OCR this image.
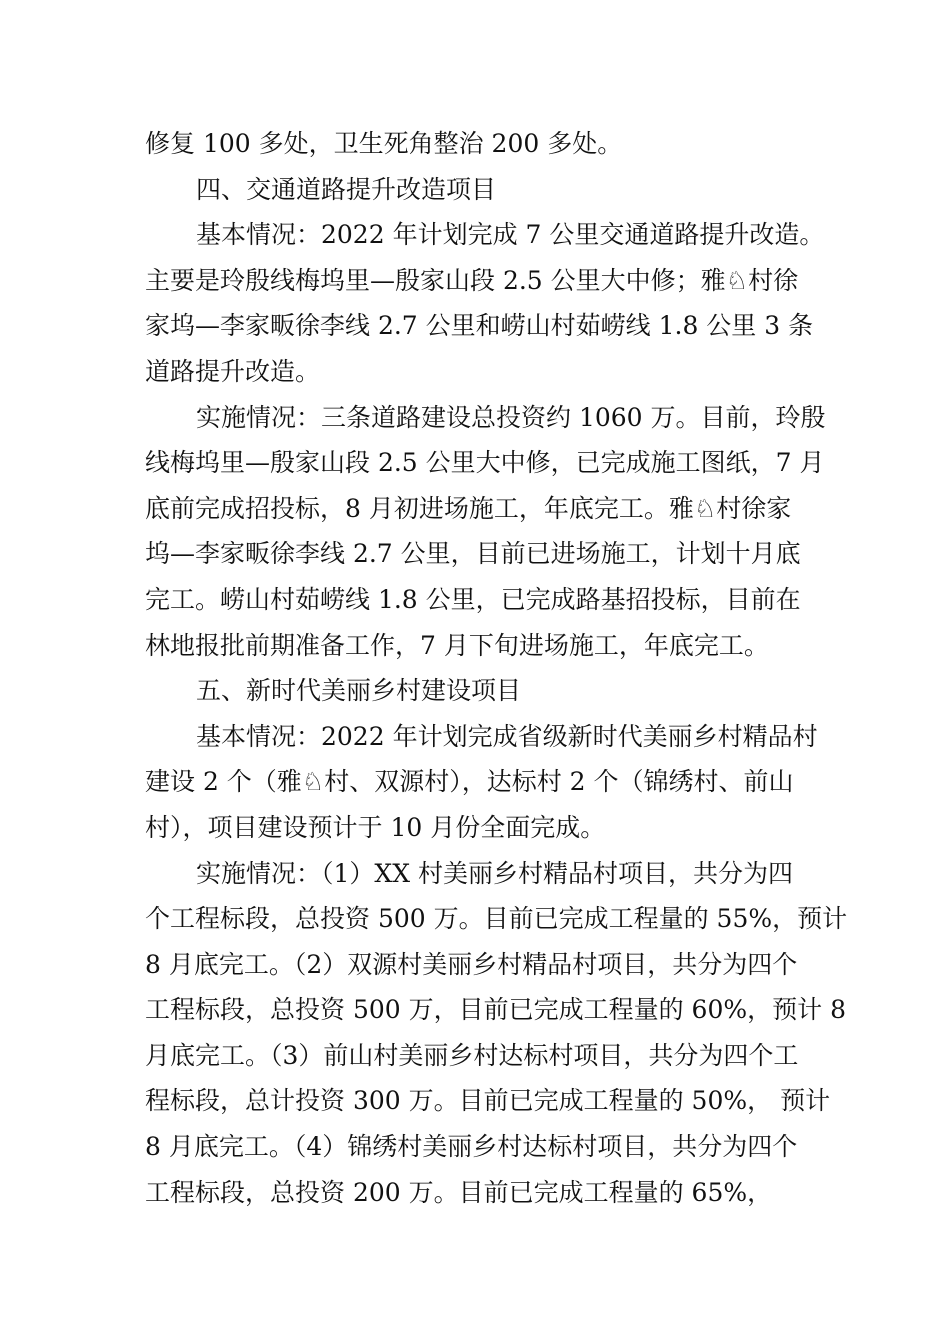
修复 100 多处，卫生死角整治 200 多处。
四、交通道路提升改造项目
基本情况：2022 年计划完成 7 公里交通道路提升改造。
主要是玲殷线梅坞里—殷家山段 2.5 公里大中修；雅♘村徐
家坞—李家畈徐李线 2.7 公里和崂山村茹崂线 1.8 公里 3 条
道路提升改造。
实施情况：三条道路建设总投资约 1060 万。目前，玲殷
线梅坞里—殷家山段 2.5 公里大中修，已完成施工图纸，7 月
底前完成招投标，8 月初进场施工，年底完工。雅♘村徐家
坞—李家畈徐李线 2.7 公里，目前已进场施工，计划十月底
完工。崂山村茹崂线 1.8 公里，已完成路基招投标，目前在
林地报批前期准备工作，7 月下旬进场施工，年底完工。
五、新时代美丽乡村建设项目
基本情况：2022 年计划完成省级新时代美丽乡村精品村
建设 2 个（雅♘村、双源村），达标村 2 个（锦绣村、前山
村），项目建设预计于 10 月份全面完成。
实施情况：（1）XX 村美丽乡村精品村项目，共分为四
个工程标段，总投资 500 万。目前已完成工程量的 55%，预计
8 月底完工。（2）双源村美丽乡村精品村项目，共分为四个
工程标段，总投资 500 万，目前已完成工程量的 60%，预计 8
月底完工。（3）前山村美丽乡村达标村项目，共分为四个工
程标段，总计投资 300 万。目前已完成工程量的 50%， 预计
8 月底完工。（4）锦绣村美丽乡村达标村项目，共分为四个
工程标段，总投资 200 万。目前已完成工程量的 65%，
